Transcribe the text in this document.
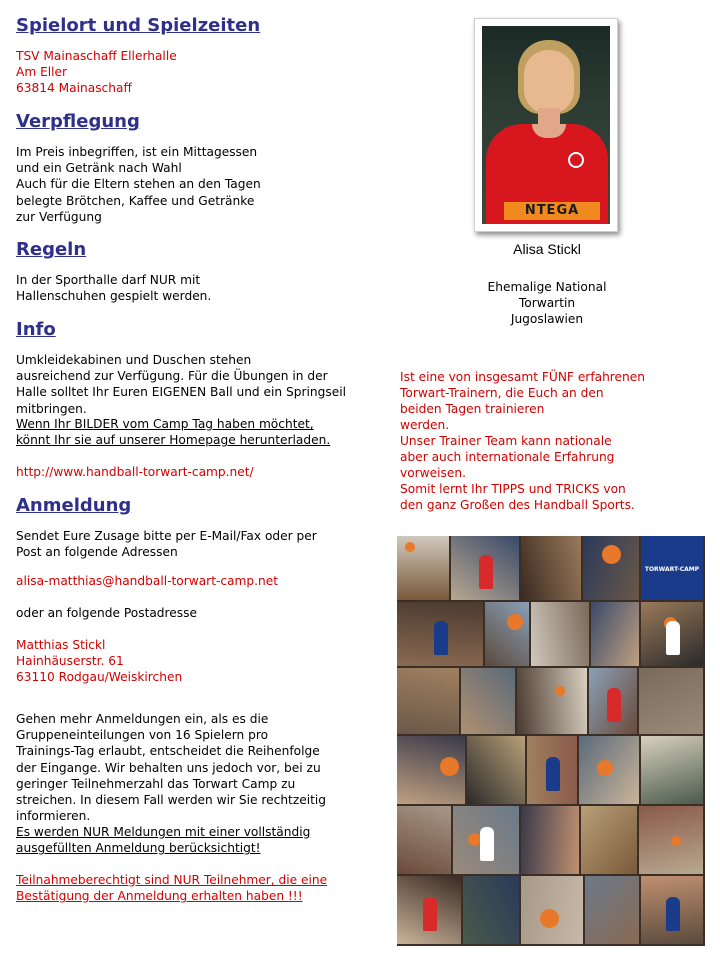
Spielort und Spielzeiten

TSV Mainaschaff Ellerhalle
Am Eller
63814 Mainaschaff

Verpflegung

Im Preis inbegriffen, ist ein Mittagessen
und ein Getränk nach Wahl
Auch für die Eltern stehen an den Tagen
belegte Brötchen, Kaffee und Getränke
zur Verfügung

Regeln

In der Sporthalle darf NUR mit
Hallenschuhen gespielt werden.

Info

Umkleidekabinen und Duschen stehen
ausreichend zur Verfügung. Für die Übungen in der
Halle solltet Ihr Euren EIGENEN Ball und ein Springseil
mitbringen.

Wenn Ihr BILDER vom Camp Tag haben möchtet,
könnt Ihr sie auf unserer Homepage herunterladen.

http://www.handball-torwart-camp.net/
Anmeldung

Sendet Eure Zusage bitte per E-Mail/Fax oder per
Post an folgende Adressen

alisa-matthias@handball-torwart-camp.net

oder an folgende Postadresse

Matthias Stickl
Hainhäuserstr. 61
63110 Rodgau/Weiskirchen

Gehen mehr Anmeldungen ein, als es die
Gruppeneinteilungen von 16 Spielern pro
Trainings-Tag erlaubt, entscheidet die Reihenfolge
der Eingange. Wir behalten uns jedoch vor, bei zu
geringer Teilnehmerzahl das Torwart Camp zu
streichen. In diesem Fall werden wir Sie rechtzeitig
informieren.

Es werden NUR Meldungen mit einer vollständig
ausgefüllten Anmeldung berücksichtigt!

Teilnahmeberechtigt sind NUR Teilnehmer, die eine
Bestätigung der Anmeldung erhalten haben !!!

NTEGA
Alisa Stickl

Ehemalige National
Torwartin
Jugoslawien

Ist eine von insgesamt FÜNF erfahrenen
Torwart-Trainern, die Euch an den
beiden Tagen trainieren
werden.
Unser Trainer Team kann nationale
aber auch internationale Erfahrung
vorweisen.
Somit lernt Ihr TIPPS und TRICKS von
den ganz Großen des Handball Sports.

TORWART-CAMP
